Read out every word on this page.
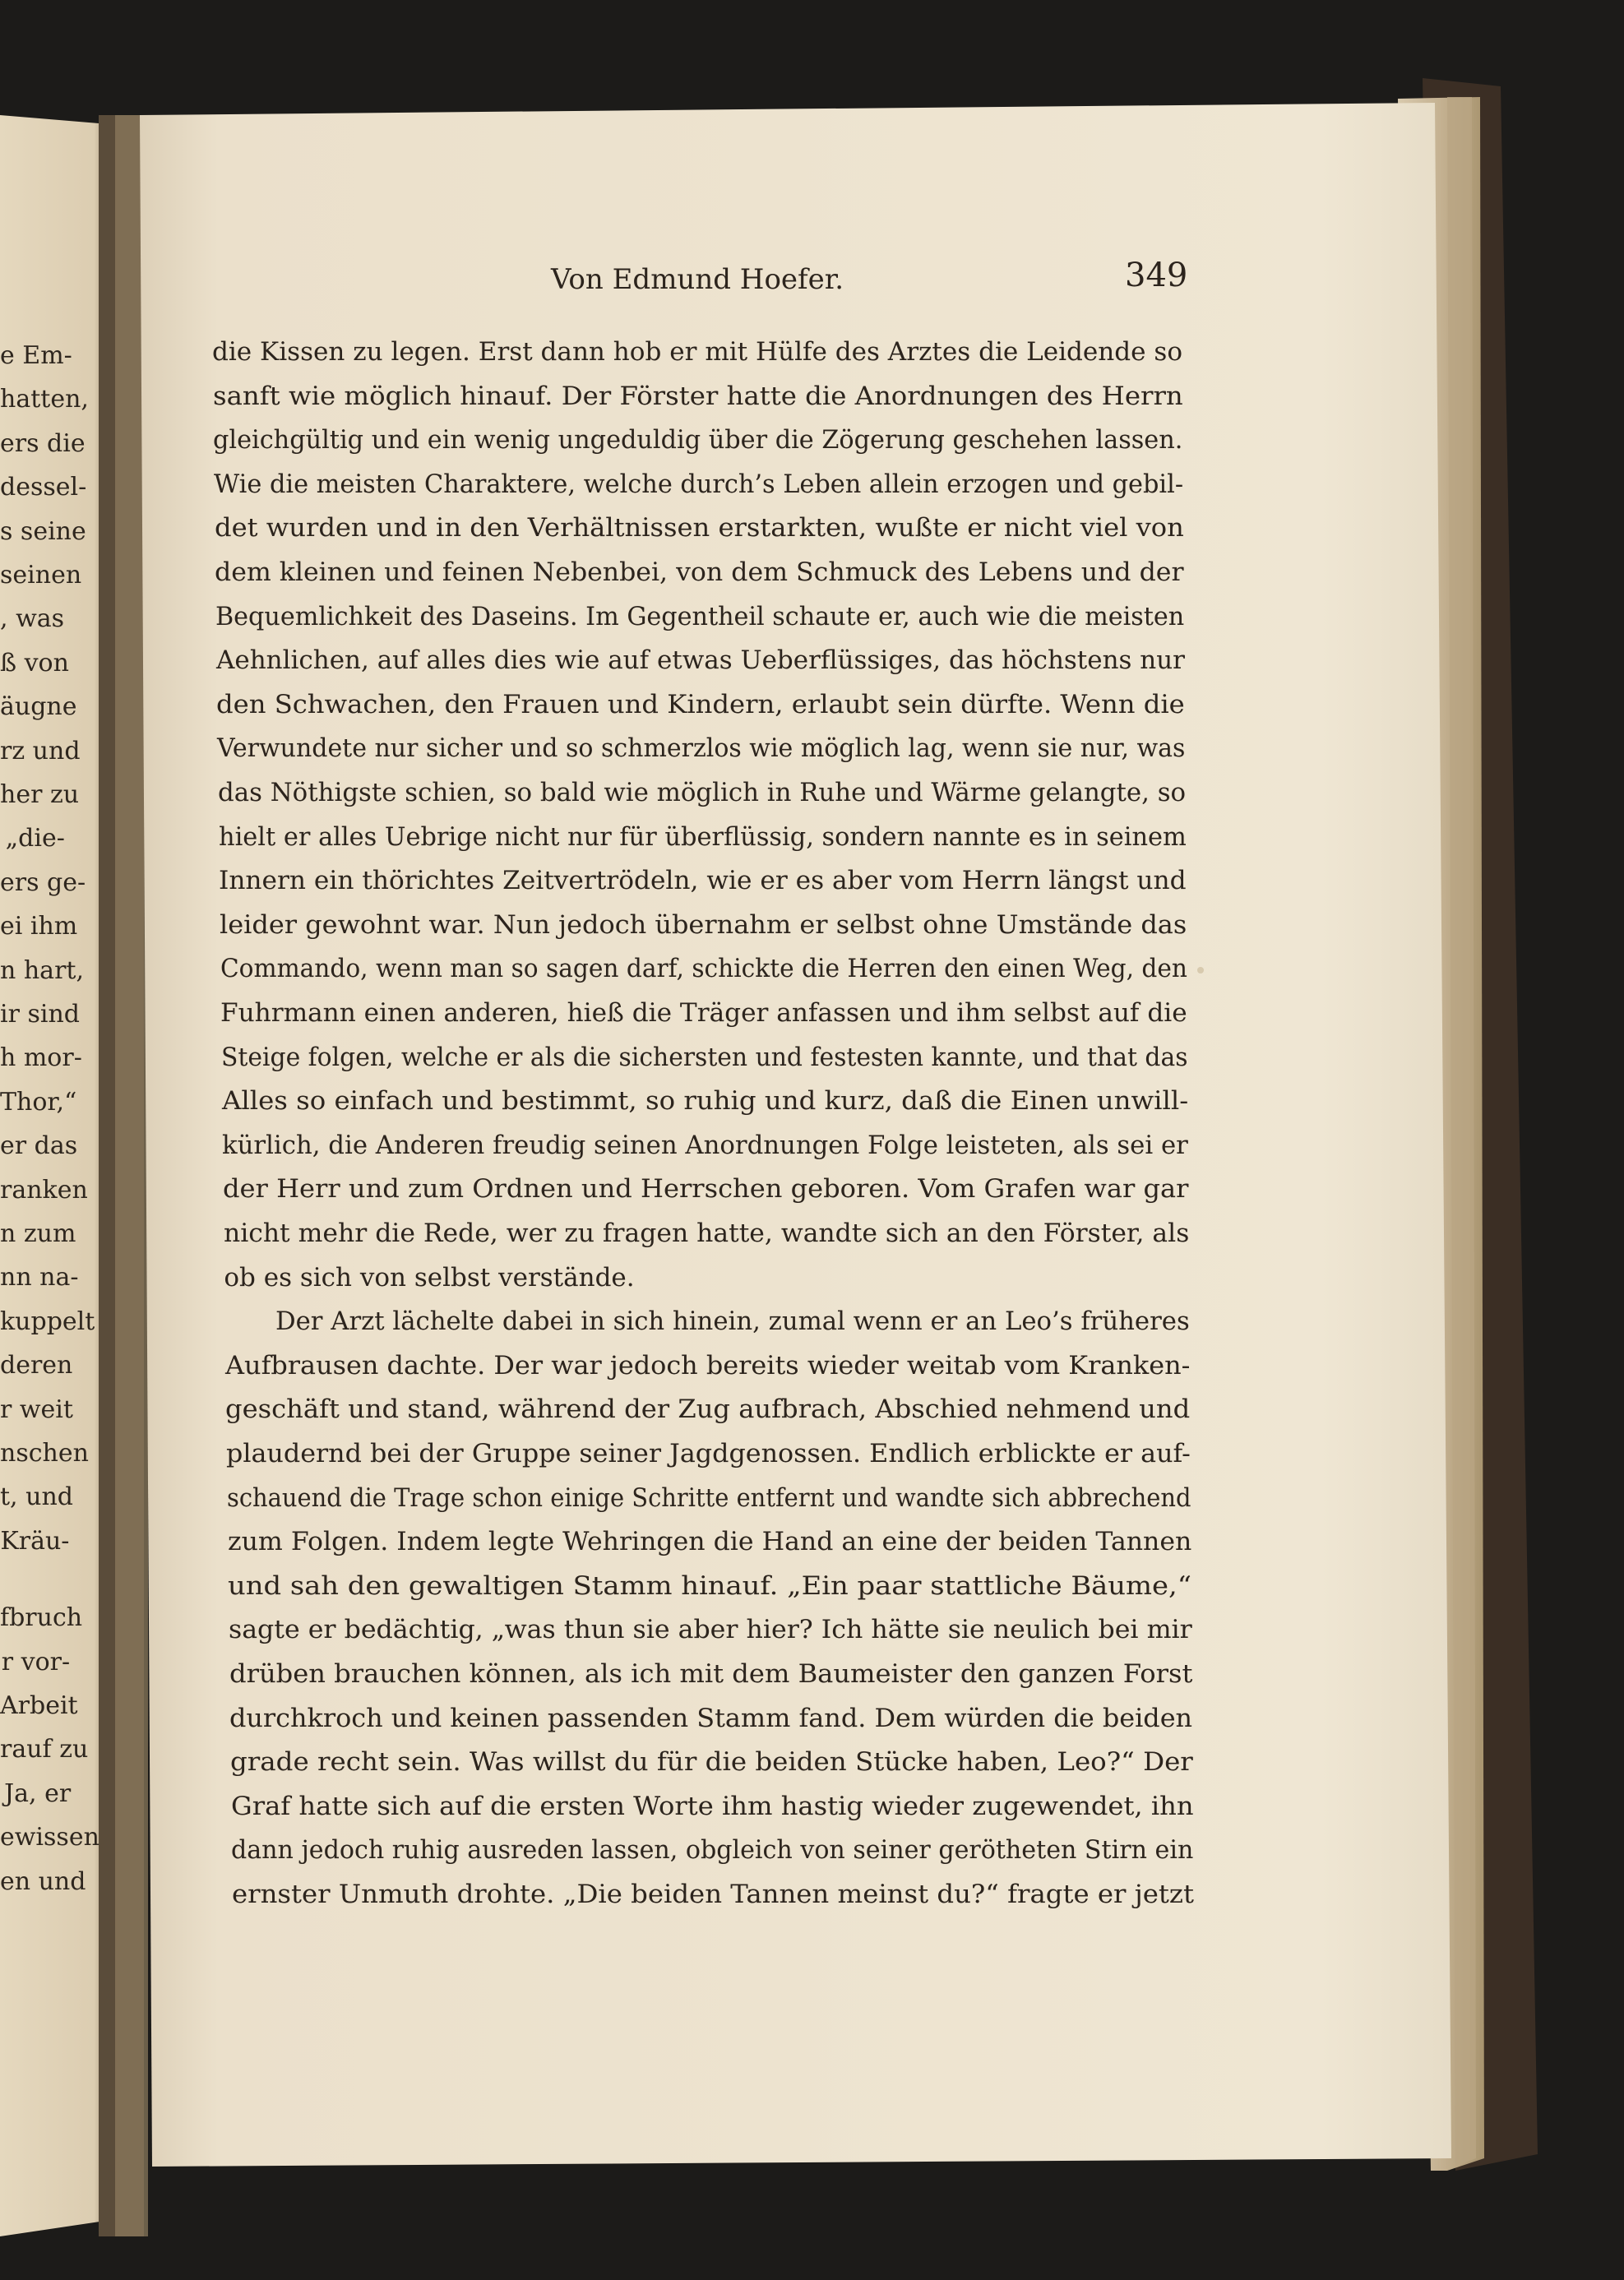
Von Edmund Hoefer.	349
die Kissen zu legen. Erst dann hob er mit Hülfe des Arztes die Leidende so
sanft wie möglich hinauf. Der Förster hatte die Anordnungen des Herrn
gleichgültig und ein wenig ungeduldig über die Zögerung geschehen lassen.
Wie die meisten Charaktere, welche durch’s Leben allein erzogen und gebil-
det wurden und in den Verhältnissen erstarkten, wußte er nicht viel von
dem kleinen und feinen Nebenbei, von dem Schmuck des Lebens und der
Bequemlichkeit des Daseins. Im Gegentheil schaute er, auch wie die meisten
Aehnlichen, auf alles dies wie auf etwas Ueberflüssiges, das höchstens nur
den Schwachen, den Frauen und Kindern, erlaubt sein dürfte. Wenn die
Verwundete nur sicher und so schmerzlos wie möglich lag, wenn sie nur, was
das Nöthigste schien, so bald wie möglich in Ruhe und Wärme gelangte, so
hielt er alles Uebrige nicht nur für überflüssig, sondern nannte es in seinem
Innern ein thörichtes Zeitvertrödeln, wie er es aber vom Herrn längst und
leider gewohnt war. Nun jedoch übernahm er selbst ohne Umstände das
Commando, wenn man so sagen darf, schickte die Herren den einen Weg, den
Fuhrmann einen anderen, hieß die Träger anfassen und ihm selbst auf die
Steige folgen, welche er als die sichersten und festesten kannte, und that das
Alles so einfach und bestimmt, so ruhig und kurz, daß die Einen unwill-
kürlich, die Anderen freudig seinen Anordnungen Folge leisteten, als sei er
der Herr und zum Ordnen und Herrschen geboren. Vom Grafen war gar
nicht mehr die Rede, wer zu fragen hatte, wandte sich an den Förster, als
ob es sich von selbst verstände.
Der Arzt lächelte dabei in sich hinein, zumal wenn er an Leo’s früheres
Aufbrausen dachte. Der war jedoch bereits wieder weitab vom Kranken-
geschäft und stand, während der Zug aufbrach, Abschied nehmend und
plaudernd bei der Gruppe seiner Jagdgenossen. Endlich erblickte er auf-
schauend die Trage schon einige Schritte entfernt und wandte sich abbrechend
zum Folgen. Indem legte Wehringen die Hand an eine der beiden Tannen
und sah den gewaltigen Stamm hinauf. „Ein paar stattliche Bäume,“
sagte er bedächtig, „was thun sie aber hier? Ich hätte sie neulich bei mir
drüben brauchen können, als ich mit dem Baumeister den ganzen Forst
durchkroch und keinen passenden Stamm fand. Dem würden die beiden
grade recht sein. Was willst du für die beiden Stücke haben, Leo?“ Der
Graf hatte sich auf die ersten Worte ihm hastig wieder zugewendet, ihn
dann jedoch ruhig ausreden lassen, obgleich von seiner gerötheten Stirn ein
ernster Unmuth drohte. „Die beiden Tannen meinst du?“ fragte er jetzt
e Em-
hatten,
ers die
dessel-
s seine
seinen
, was
ß von
äugne
rz und
her zu
„die-
ers ge-
ei ihm
n hart,
ir sind
h mor-
Thor,“
er das
ranken
n zum
nn na-
kuppelt
deren
r weit
nschen
t, und
Kräu-
fbruch
r vor-
Arbeit
rauf zu
Ja, er
ewissen
en und
